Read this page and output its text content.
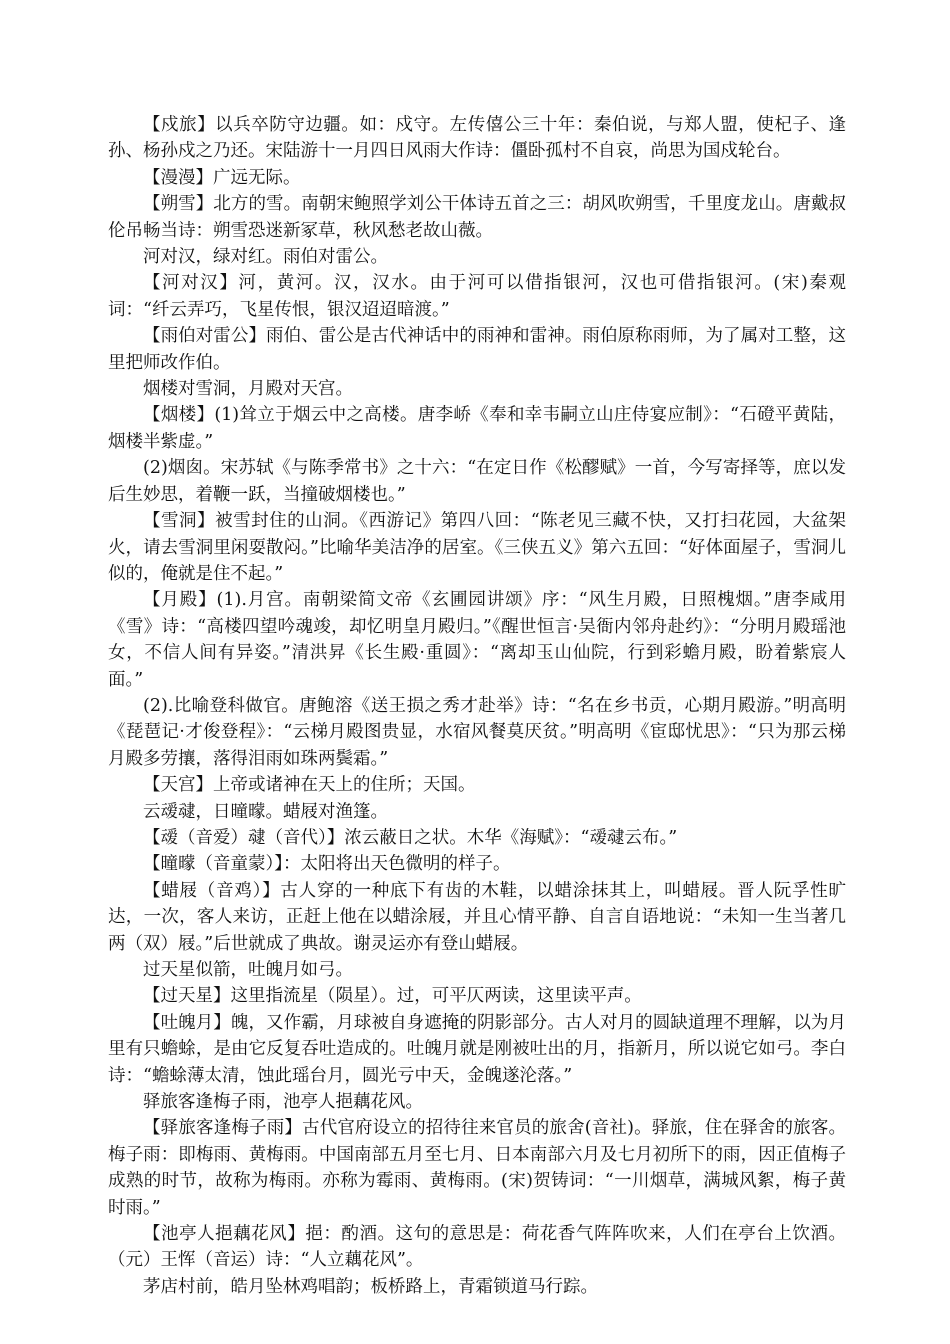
【戍旅】以兵卒防守边疆。如：戍守。左传僖公三十年：秦伯说，与郑人盟，使杞子、逢孙、杨孙戍之乃还。宋陆游十一月四日风雨大作诗：僵卧孤村不自哀，尚思为国戍轮台。

【漫漫】广远无际。

【朔雪】北方的雪。南朝宋鲍照学刘公干体诗五首之三：胡风吹朔雪，千里度龙山。唐戴叔伦吊畅当诗：朔雪恐迷新冢草，秋风愁老故山薇。

河对汉，绿对红。雨伯对雷公。

【河对汉】河，黄河。汉，汉水。由于河可以借指银河，汉也可借指银河。(宋)秦观词：“纤云弄巧，飞星传恨，银汉迢迢暗渡。”

【雨伯对雷公】雨伯、雷公是古代神话中的雨神和雷神。雨伯原称雨师，为了属对工整，这里把师改作伯。

烟楼对雪洞，月殿对天宫。

【烟楼】(1)耸立于烟云中之高楼。唐李峤《奉和幸韦嗣立山庄侍宴应制》：“石磴平黄陆，烟楼半紫虚。”

(2)烟囱。宋苏轼《与陈季常书》之十六：“在定日作《松醪赋》一首，今写寄择等，庶以发后生妙思，着鞭一跃，当撞破烟楼也。”

【雪洞】被雪封住的山洞。《西游记》第四八回：“陈老见三藏不快，又打扫花园，大盆架火，请去雪洞里闲耍散闷。”比喻华美洁净的居室。《三侠五义》第六五回：“好体面屋子，雪洞儿似的，俺就是住不起。”

【月殿】(1).月宫。南朝梁简文帝《玄圃园讲颂》序：“风生月殿，日照槐烟。”唐李咸用《雪》诗：“高楼四望吟魂竣，却忆明皇月殿归。”《醒世恒言·吴衙内邻舟赴约》：“分明月殿瑶池女，不信人间有异姿。”清洪昇《长生殿·重圆》：“离却玉山仙院，行到彩蟾月殿，盼着紫宸人面。”

(2).比喻登科做官。唐鲍溶《送王损之秀才赴举》诗：“名在乡书贡，心期月殿游。”明高明《琵琶记·才俊登程》：“云梯月殿图贵显，水宿风餐莫厌贫。”明高明《宦邸忧思》：“只为那云梯月殿多劳攘，落得泪雨如珠两鬓霜。”

【天宫】上帝或诸神在天上的住所；天国。

云叆叇，日曈曚。蜡屐对渔篷。

【叆（音爱）叇（音代）】浓云蔽日之状。木华《海赋》：“叆叇云布。”

【曈曚（音童蒙）】：太阳将出天色微明的样子。

【蜡屐（音鸡）】古人穿的一种底下有齿的木鞋，以蜡涂抹其上，叫蜡屐。晋人阮孚性旷达，一次，客人来访，正赶上他在以蜡涂屐，并且心情平静、自言自语地说：“未知一生当著几两（双）屐。”后世就成了典故。谢灵运亦有登山蜡屐。

过天星似箭，吐魄月如弓。

【过天星】这里指流星（陨星）。过，可平仄两读，这里读平声。

【吐魄月】魄，又作霸，月球被自身遮掩的阴影部分。古人对月的圆缺道理不理解，以为月里有只蟾蜍，是由它反复吞吐造成的。吐魄月就是刚被吐出的月，指新月，所以说它如弓。李白诗：“蟾蜍薄太清，蚀此瑶台月，圆光亏中天，金魄遂沦落。”

驿旅客逢梅子雨，池亭人挹藕花风。

【驿旅客逢梅子雨】古代官府设立的招待往来官员的旅舍(音社)。驿旅，住在驿舍的旅客。梅子雨：即梅雨、黄梅雨。中国南部五月至七月、日本南部六月及七月初所下的雨，因正值梅子成熟的时节，故称为梅雨。亦称为霉雨、黄梅雨。(宋)贺铸词：“一川烟草，满城风絮，梅子黄时雨。”

【池亭人挹藕花风】挹：酌酒。这句的意思是：荷花香气阵阵吹来，人们在亭台上饮酒。（元）王恽（音运）诗：“人立藕花风”。

茅店村前，皓月坠林鸡唱韵；板桥路上，青霜锁道马行踪。
